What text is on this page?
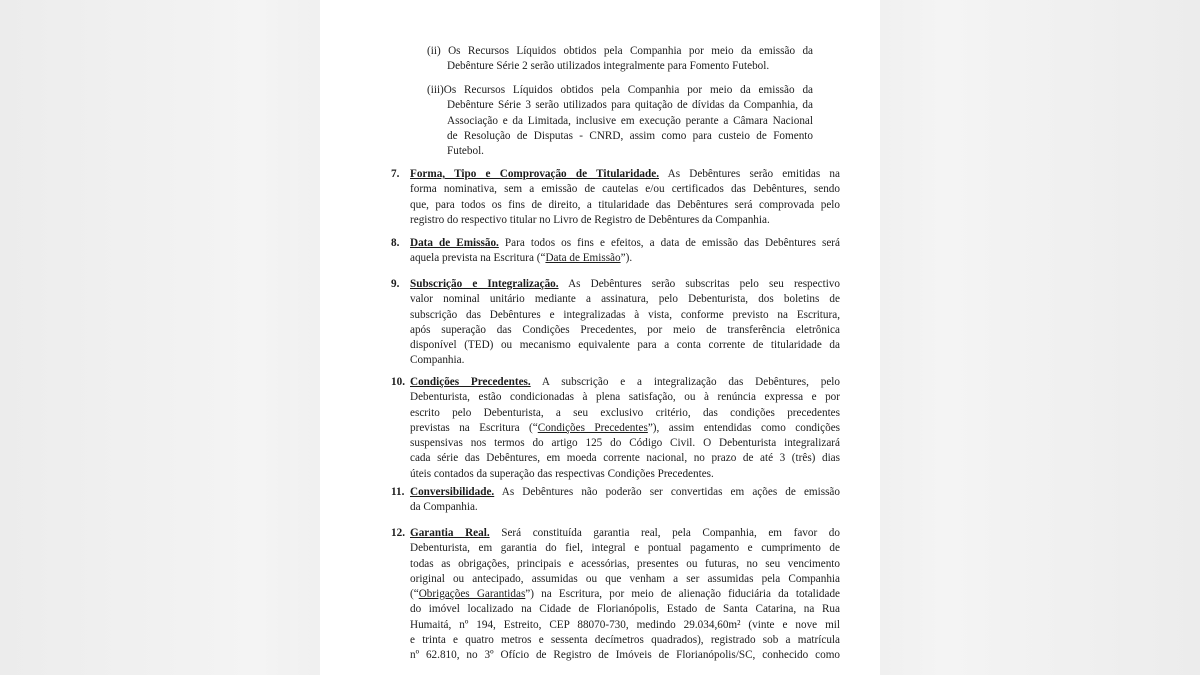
(ii) Os Recursos Líquidos obtidos pela Companhia por meio da emissão da
Debênture Série 2 serão utilizados integralmente para Fomento Futebol.
(iii)Os Recursos Líquidos obtidos pela Companhia por meio da emissão da
Debênture Série 3 serão utilizados para quitação de dívidas da Companhia, da
Associação e da Limitada, inclusive em execução perante a Câmara Nacional
de Resolução de Disputas - CNRD, assim como para custeio de Fomento
Futebol.
7. Forma, Tipo e Comprovação de Titularidade. As Debêntures serão emitidas na
forma nominativa, sem a emissão de cautelas e/ou certificados das Debêntures, sendo
que, para todos os fins de direito, a titularidade das Debêntures será comprovada pelo
registro do respectivo titular no Livro de Registro de Debêntures da Companhia.
8. Data de Emissão. Para todos os fins e efeitos, a data de emissão das Debêntures será
aquela prevista na Escritura (“Data de Emissão”).
9. Subscrição e Integralização. As Debêntures serão subscritas pelo seu respectivo
valor nominal unitário mediante a assinatura, pelo Debenturista, dos boletins de
subscrição das Debêntures e integralizadas à vista, conforme previsto na Escritura,
após superação das Condições Precedentes, por meio de transferência eletrônica
disponível (TED) ou mecanismo equivalente para a conta corrente de titularidade da
Companhia.
10. Condições Precedentes. A subscrição e a integralização das Debêntures, pelo
Debenturista, estão condicionadas à plena satisfação, ou à renúncia expressa e por
escrito pelo Debenturista, a seu exclusivo critério, das condições precedentes
previstas na Escritura (“Condições Precedentes”), assim entendidas como condições
suspensivas nos termos do artigo 125 do Código Civil. O Debenturista integralizará
cada série das Debêntures, em moeda corrente nacional, no prazo de até 3 (três) dias
úteis contados da superação das respectivas Condições Precedentes.
11. Conversibilidade. As Debêntures não poderão ser convertidas em ações de emissão
da Companhia.
12. Garantia Real. Será constituída garantia real, pela Companhia, em favor do
Debenturista, em garantia do fiel, integral e pontual pagamento e cumprimento de
todas as obrigações, principais e acessórias, presentes ou futuras, no seu vencimento
original ou antecipado, assumidas ou que venham a ser assumidas pela Companhia
(“Obrigações Garantidas”) na Escritura, por meio de alienação fiduciária da totalidade
do imóvel localizado na Cidade de Florianópolis, Estado de Santa Catarina, na Rua
Humaitá, nº 194, Estreito, CEP 88070-730, medindo 29.034,60m² (vinte e nove mil
e trinta e quatro metros e sessenta decímetros quadrados), registrado sob a matrícula
nº 62.810, no 3º Ofício de Registro de Imóveis de Florianópolis/SC, conhecido como
